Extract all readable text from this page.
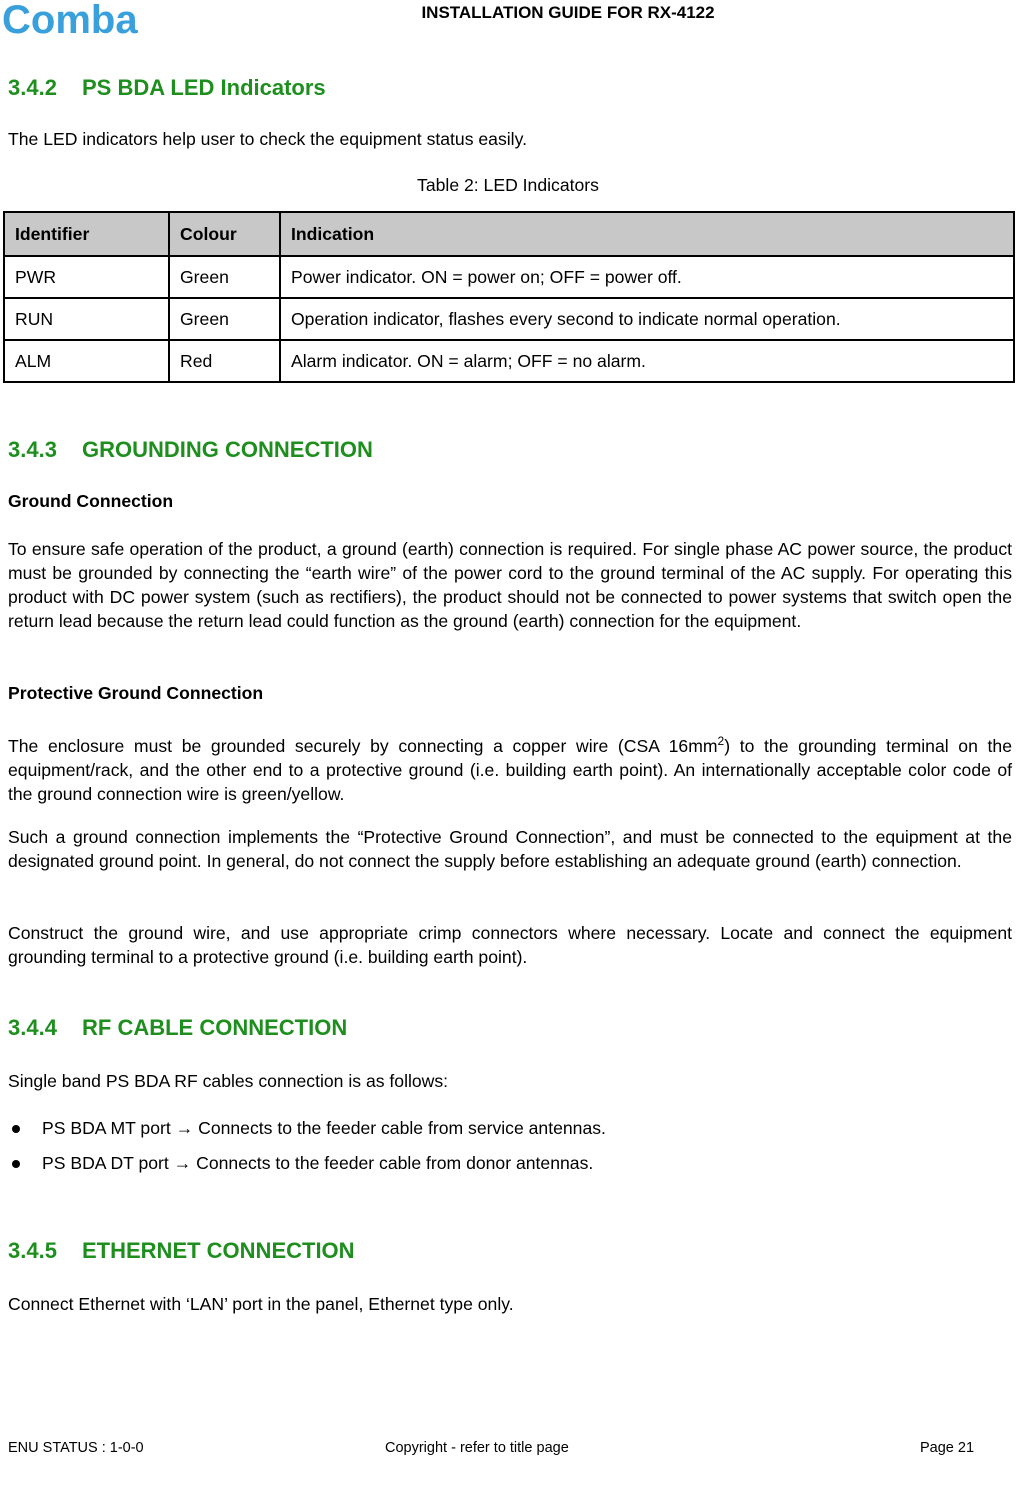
Comba	INSTALLATION GUIDE FOR RX-4122
3.4.2 PS BDA LED Indicators
The LED indicators help user to check the equipment status easily.
Table 2: LED Indicators
Identifier	Colour	Indication
PWR	Green	Power indicator. ON = power on; OFF = power off.
RUN	Green	Operation indicator, flashes every second to indicate normal operation.
ALM	Red	Alarm indicator. ON = alarm; OFF = no alarm.
3.4.3 GROUNDING CONNECTION
Ground Connection
To ensure safe operation of the product, a ground (earth) connection is required. For single phase AC power source, the product must be grounded by connecting the “earth wire” of the power cord to the ground terminal of the AC supply. For operating this product with DC power system (such as rectifiers), the product should not be connected to power systems that switch open the return lead because the return lead could function as the ground (earth) connection for the equipment.
Protective Ground Connection
The enclosure must be grounded securely by connecting a copper wire (CSA $16mm^2$) to the grounding terminal on the equipment/rack, and the other end to a protective ground (i.e. building earth point). An internationally acceptable color code of the ground connection wire is green/yellow.
Such a ground connection implements the “Protective Ground Connection”, and must be connected to the equipment at the designated ground point. In general, do not connect the supply before establishing an adequate ground (earth) connection.
Construct the ground wire, and use appropriate crimp connectors where necessary. Locate and connect the equipment grounding terminal to a protective ground (i.e. building earth point).
3.4.4 RF CABLE CONNECTION
Single band PS BDA RF cables connection is as follows:
PS BDA MT port → Connects to the feeder cable from service antennas.
PS BDA DT port → Connects to the feeder cable from donor antennas.
3.4.5 ETHERNET CONNECTION
Connect Ethernet with ‘LAN’ port in the panel, Ethernet type only.
ENU STATUS : 1-0-0	Copyright - refer to title page	Page 21
